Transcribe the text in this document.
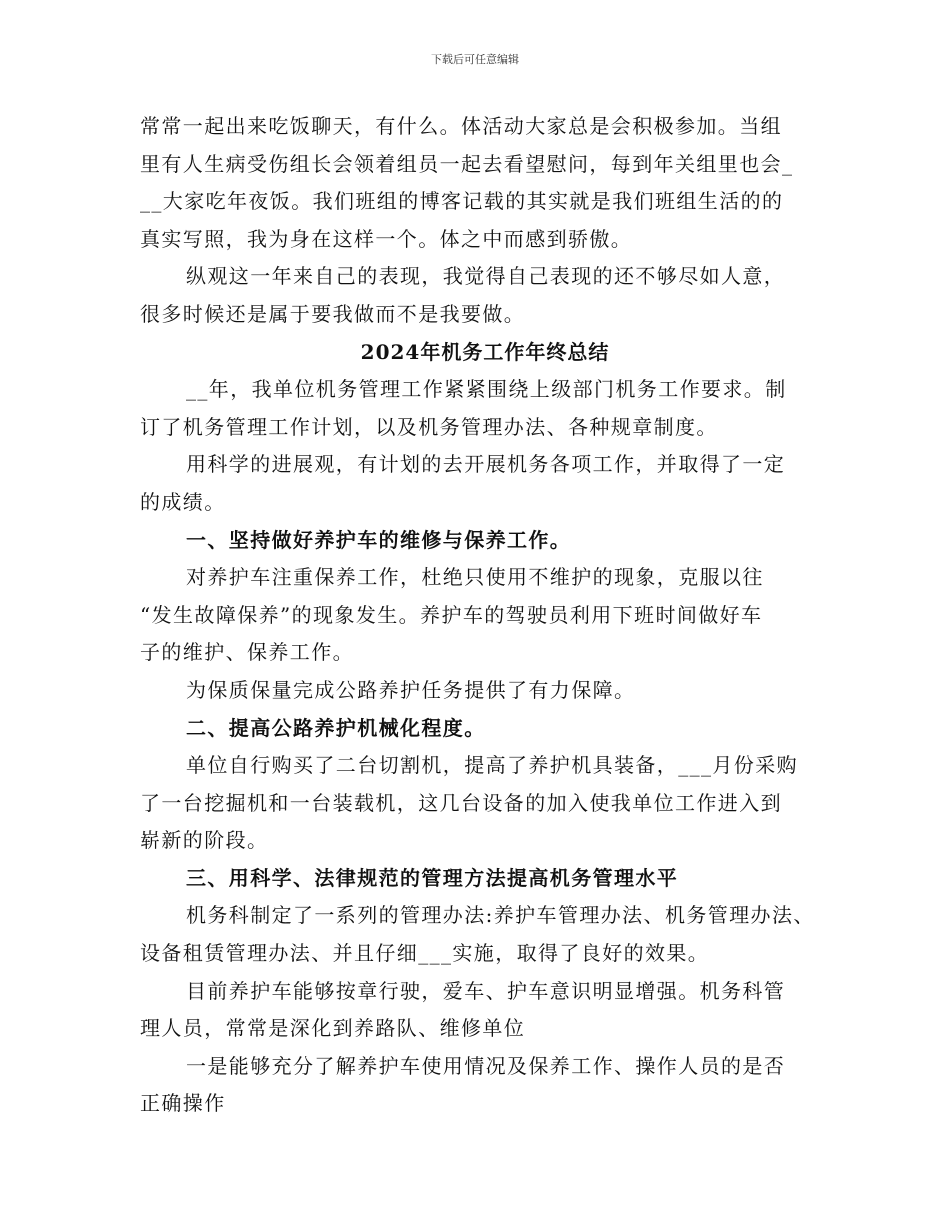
下载后可任意编辑
常常一起出来吃饭聊天，有什么。体活动大家总是会积极参加。当组
里有人生病受伤组长会领着组员一起去看望慰问，每到年关组里也会_
__大家吃年夜饭。我们班组的博客记载的其实就是我们班组生活的的
真实写照，我为身在这样一个。体之中而感到骄傲。
纵观这一年来自己的表现，我觉得自己表现的还不够尽如人意，
很多时候还是属于要我做而不是我要做。
2024年机务工作年终总结
__年，我单位机务管理工作紧紧围绕上级部门机务工作要求。制
订了机务管理工作计划，以及机务管理办法、各种规章制度。
用科学的进展观，有计划的去开展机务各项工作，并取得了一定
的成绩。
一、坚持做好养护车的维修与保养工作。
对养护车注重保养工作，杜绝只使用不维护的现象，克服以往
“发生故障保养”的现象发生。养护车的驾驶员利用下班时间做好车
子的维护、保养工作。
为保质保量完成公路养护任务提供了有力保障。
二、提高公路养护机械化程度。
单位自行购买了二台切割机，提高了养护机具装备，___月份采购
了一台挖掘机和一台装载机，这几台设备的加入使我单位工作进入到
崭新的阶段。
三、用科学、法律规范的管理方法提高机务管理水平
机务科制定了一系列的管理办法:养护车管理办法、机务管理办法、
设备租赁管理办法、并且仔细___实施，取得了良好的效果。
目前养护车能够按章行驶，爱车、护车意识明显增强。机务科管
理人员，常常是深化到养路队、维修单位
一是能够充分了解养护车使用情况及保养工作、操作人员的是否
正确操作
